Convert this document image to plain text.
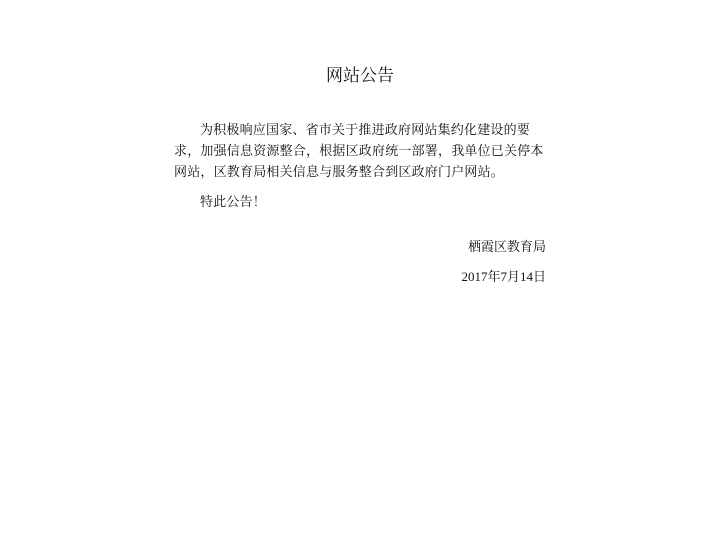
网站公告

为积极响应国家、省市关于推进政府网站集约化建设的要求，加强信息资源整合，根据区政府统一部署，我单位已关停本网站，区教育局相关信息与服务整合到区政府门户网站。

特此公告！

栖霞区教育局
2017年7月14日
